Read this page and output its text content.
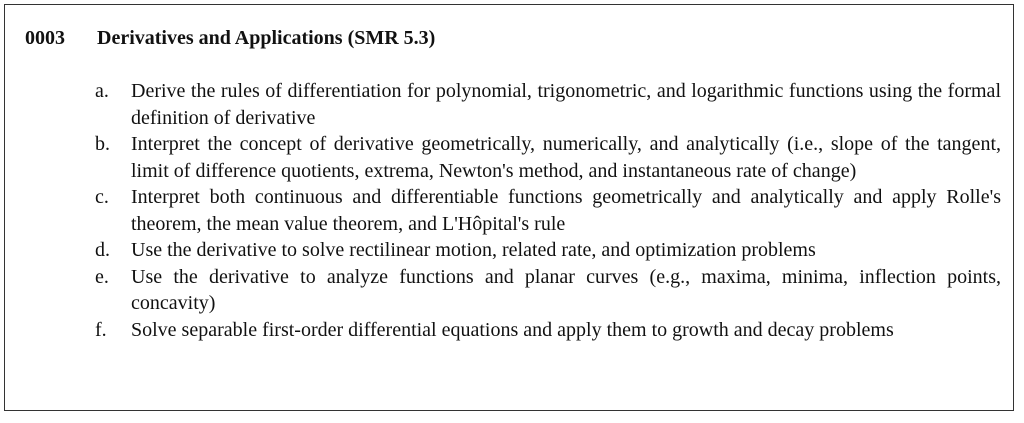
0003 Derivatives and Applications (SMR 5.3)
a.	Derive the rules of differentiation for polynomial, trigonometric, and logarithmic functions using the formal definition of derivative
b.	Interpret the concept of derivative geometrically, numerically, and analytically (i.e., slope of the tangent, limit of difference quotients, extrema, Newton's method, and instantaneous rate of change)
c.	Interpret both continuous and differentiable functions geometrically and analytically and apply Rolle's theorem, the mean value theorem, and L'Hôpital's rule
d.	Use the derivative to solve rectilinear motion, related rate, and optimization problems
e.	Use the derivative to analyze functions and planar curves (e.g., maxima, minima, inflection points, concavity)
f.	Solve separable first-order differential equations and apply them to growth and decay problems
